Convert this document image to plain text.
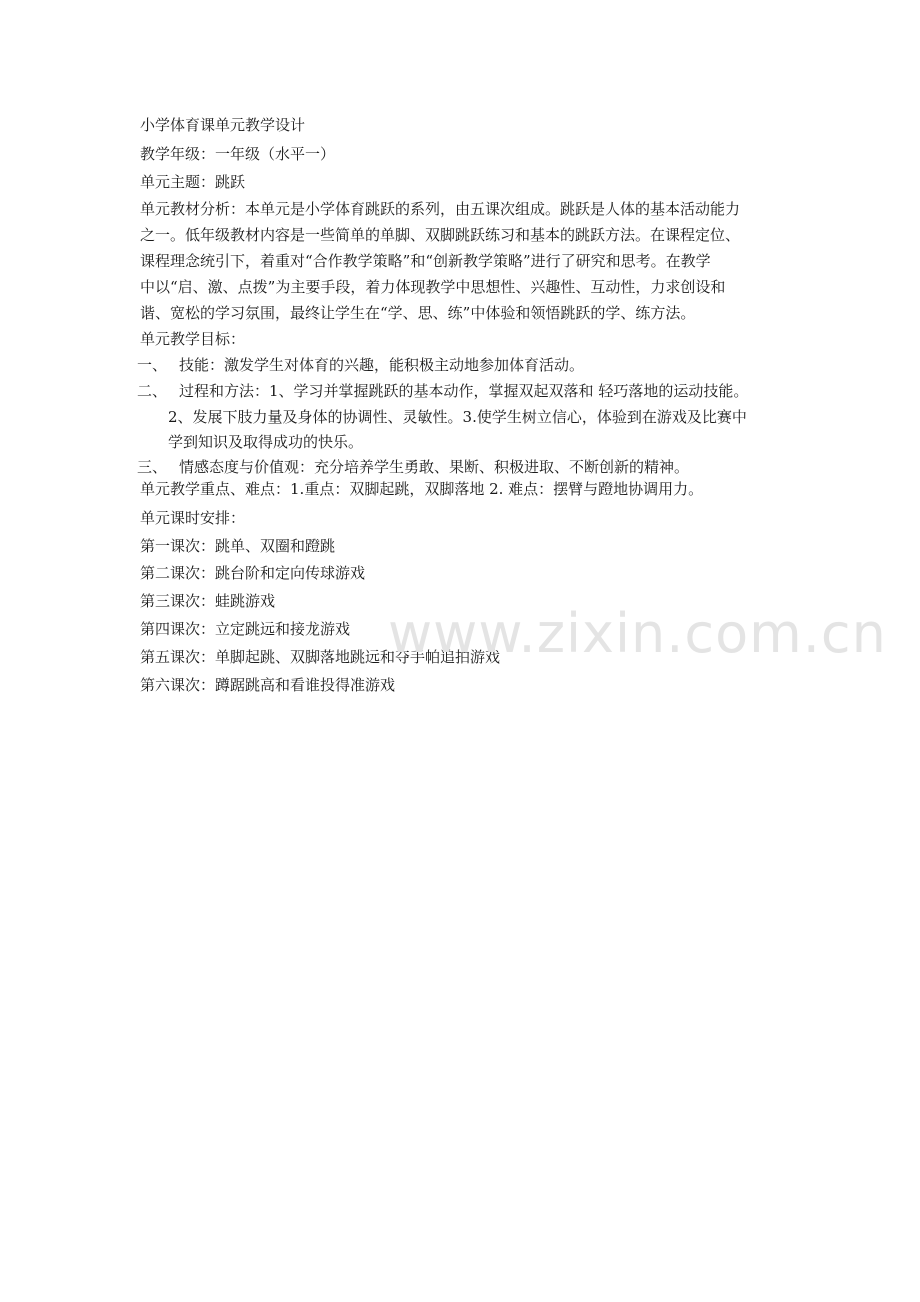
小学体育课单元教学设计
教学年级：一年级（水平一）
单元主题：跳跃
单元教材分析：本单元是小学体育跳跃的系列，由五课次组成。跳跃是人体的基本活动能力
之一。低年级教材内容是一些简单的单脚、双脚跳跃练习和基本的跳跃方法。在课程定位、
课程理念统引下，着重对“合作教学策略”和“创新教学策略”进行了研究和思考。在教学
中以“启、激、点拨”为主要手段，着力体现教学中思想性、兴趣性、互动性，力求创设和
谐、宽松的学习氛围，最终让学生在“学、思、练”中体验和领悟跳跃的学、练方法。
单元教学目标：
一、 技能：激发学生对体育的兴趣，能积极主动地参加体育活动。
二、 过程和方法：1、学习并掌握跳跃的基本动作，掌握双起双落和 轻巧落地的运动技能。
2、发展下肢力量及身体的协调性、灵敏性。3.使学生树立信心，体验到在游戏及比赛中
学到知识及取得成功的快乐。
三、 情感态度与价值观：充分培养学生勇敢、果断、积极进取、不断创新的精神。
单元教学重点、难点：1.重点：双脚起跳，双脚落地 2. 难点：摆臂与蹬地协调用力。
单元课时安排：
第一课次：跳单、双圈和蹬跳
第二课次：跳台阶和定向传球游戏
第三课次：蛙跳游戏
第四课次：立定跳远和接龙游戏
第五课次：单脚起跳、双脚落地跳远和夺手帕追拍游戏
第六课次：蹲踞跳高和看谁投得准游戏
www.zixin.com.cn
